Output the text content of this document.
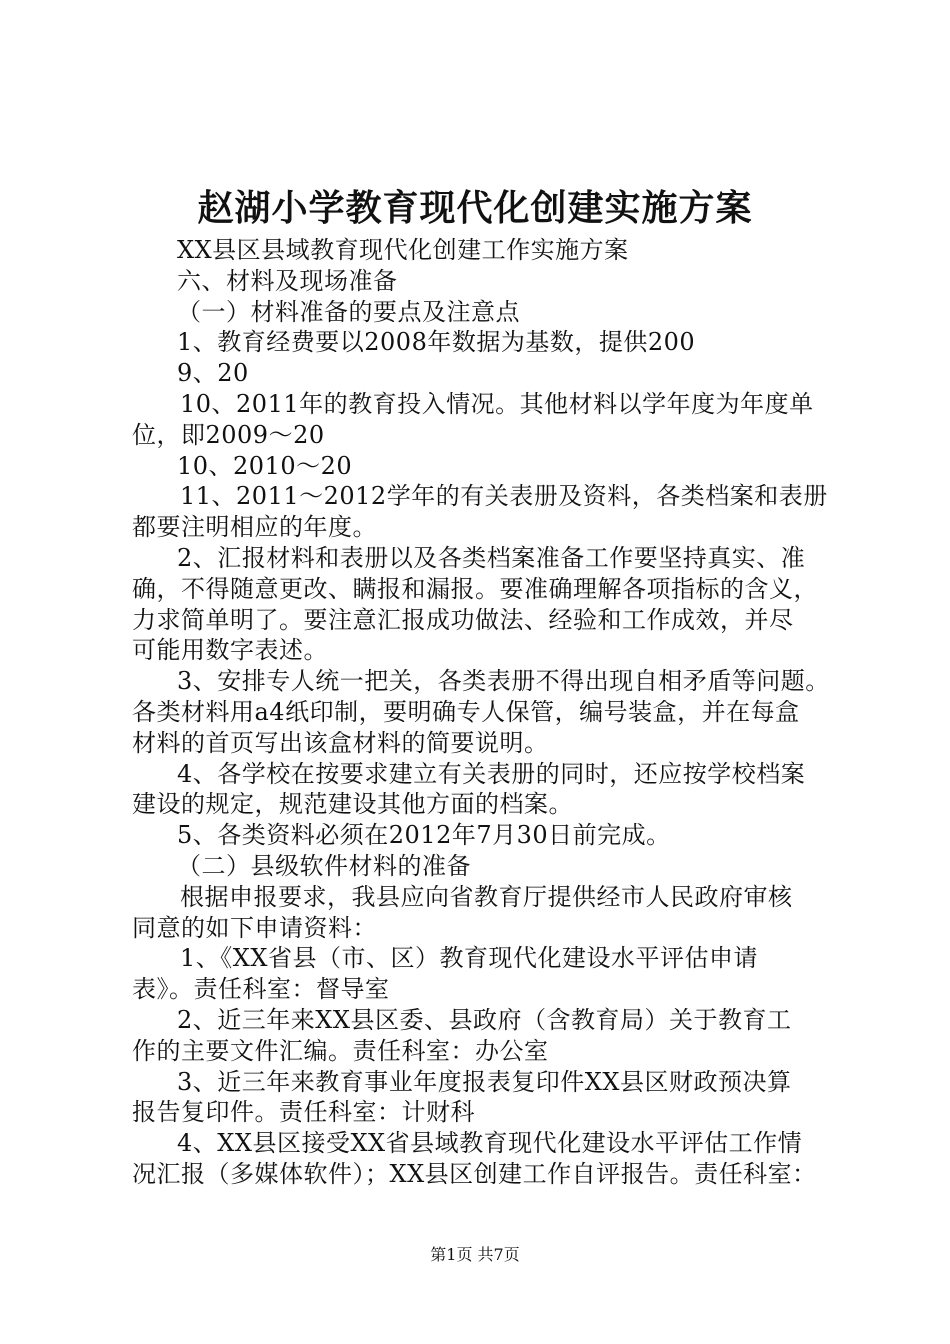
赵湖小学教育现代化创建实施方案

XX县区县域教育现代化创建工作实施方案

六、材料及现场准备

（一）材料准备的要点及注意点

1、教育经费要以2008年数据为基数，提供200

9、20

10、2011年的教育投入情况。其他材料以学年度为年度单

位，即2009～20

10、2010～20

11、2011～2012学年的有关表册及资料，各类档案和表册

都要注明相应的年度。

2、汇报材料和表册以及各类档案准备工作要坚持真实、准

确，不得随意更改、瞒报和漏报。要准确理解各项指标的含义，

力求简单明了。要注意汇报成功做法、经验和工作成效，并尽

可能用数字表述。

3、安排专人统一把关，各类表册不得出现自相矛盾等问题。

各类材料用a4纸印制，要明确专人保管，编号装盒，并在每盒

材料的首页写出该盒材料的简要说明。

4、各学校在按要求建立有关表册的同时，还应按学校档案

建设的规定，规范建设其他方面的档案。

5、各类资料必须在2012年7月30日前完成。

（二）县级软件材料的准备

根据申报要求，我县应向省教育厅提供经市人民政府审核

同意的如下申请资料：

1、《XX省县（市、区）教育现代化建设水平评估申请

表》。责任科室：督导室

2、近三年来XX县区委、县政府（含教育局）关于教育工

作的主要文件汇编。责任科室：办公室

3、近三年来教育事业年度报表复印件XX县区财政预决算

报告复印件。责任科室：计财科

4、XX县区接受XX省县域教育现代化建设水平评估工作情

况汇报（多媒体软件）；XX县区创建工作自评报告。责任科室：

第1页 共7页
